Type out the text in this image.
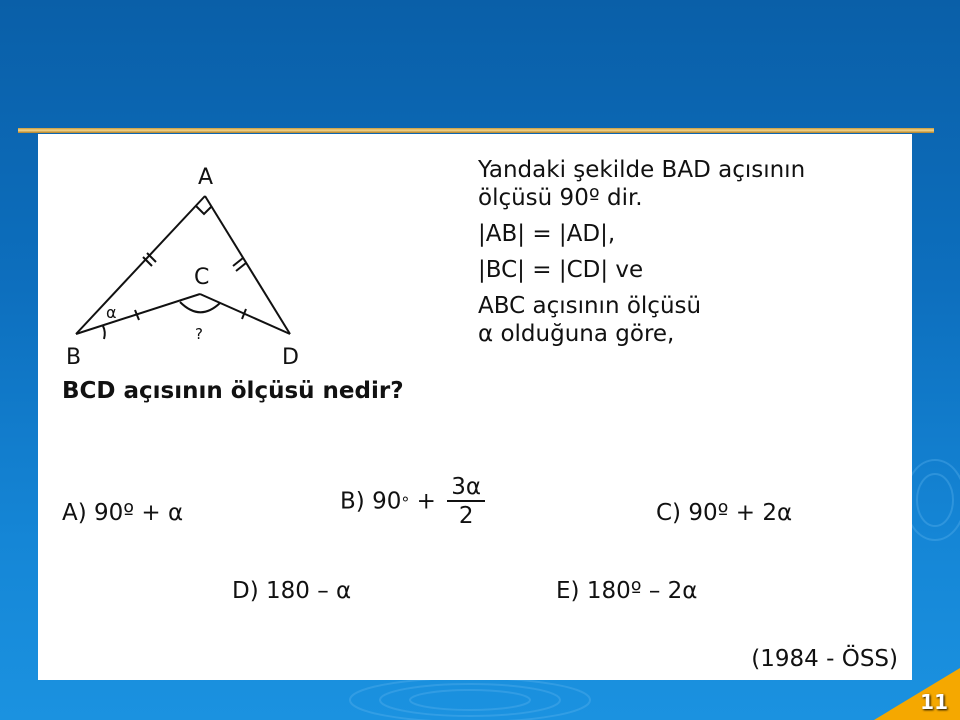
A
B
C
D
α
?
Yandaki şekilde BAD açısının
ölçüsü 90º dir.
|AB| = |AD|,
|BC| = |CD| ve
ABC açısının ölçüsü
α olduğuna göre,
BCD açısının ölçüsü nedir?
A) 90º + α	B) $90^\circ + \frac{3\alpha}{2}$	C) 90º + 2α
D) 180 – α	E) 180º – 2α
(1984 - ÖSS)
11
